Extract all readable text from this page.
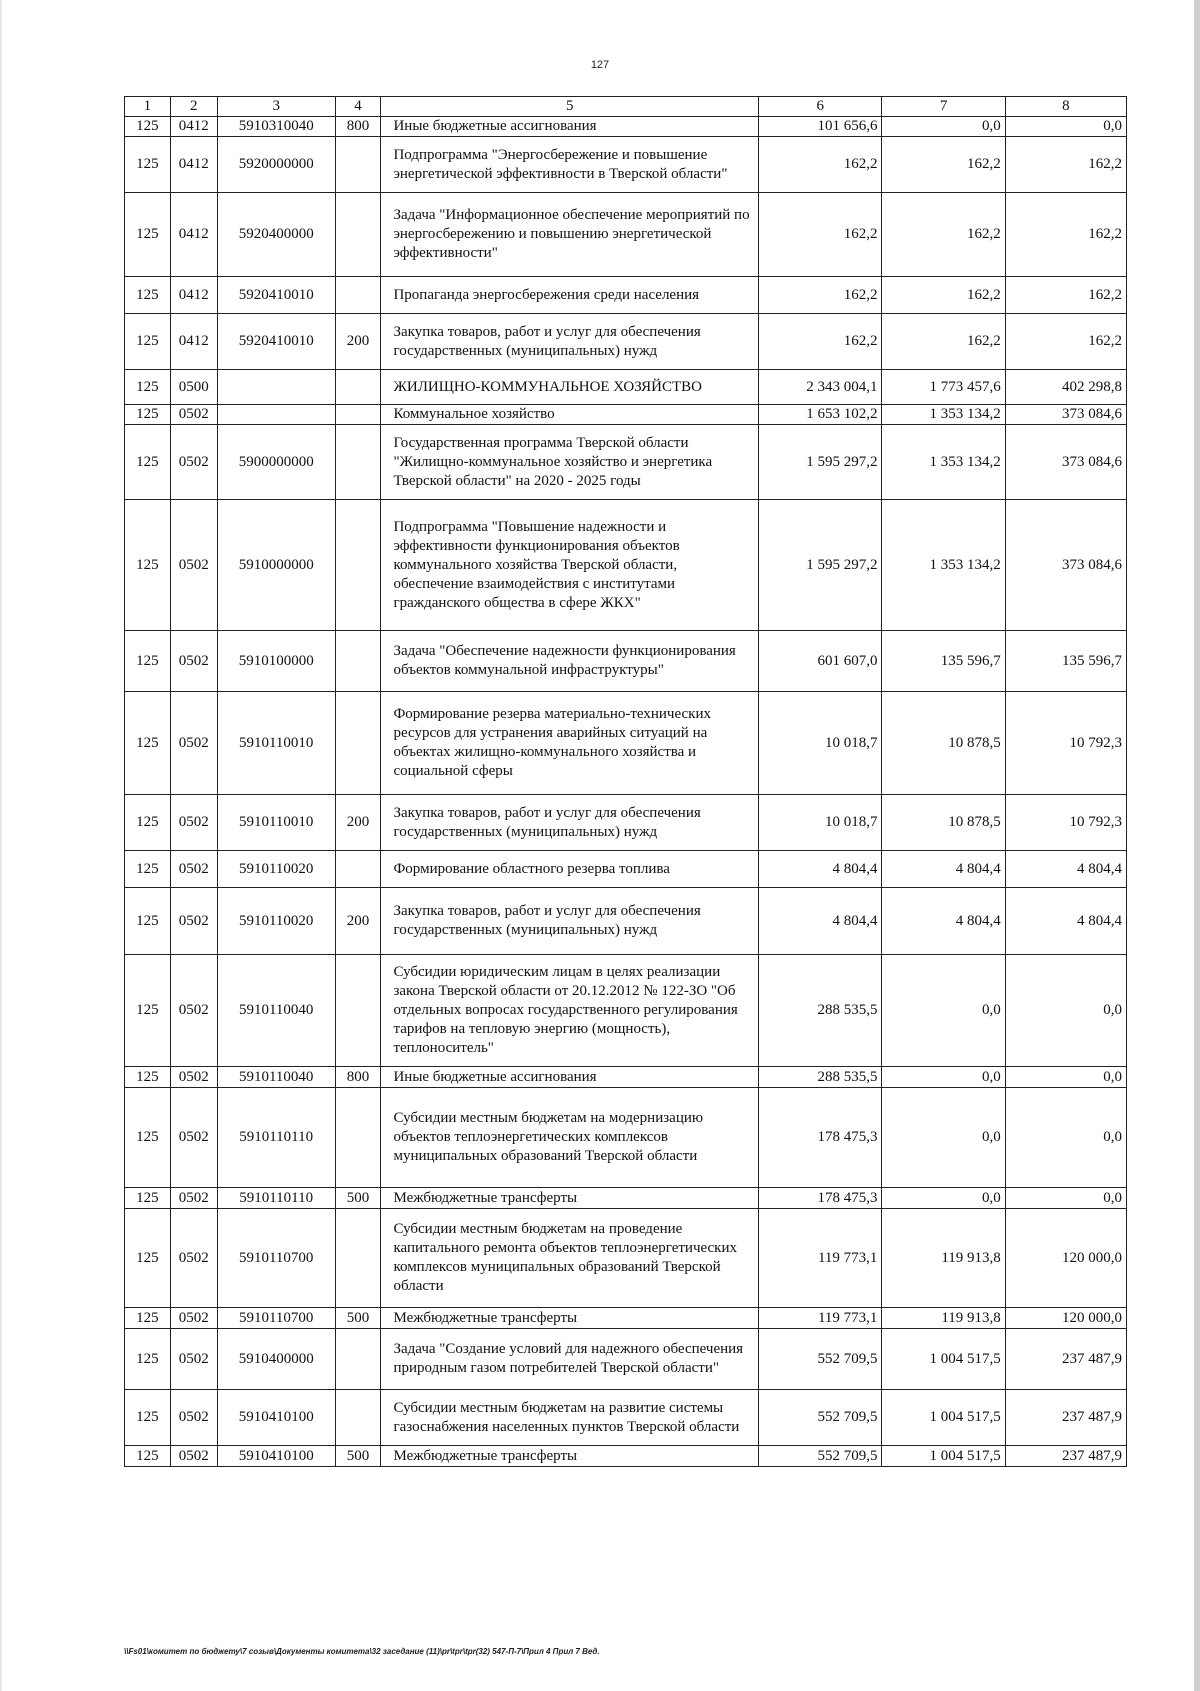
127
1	2	3	4	5	6	7	8
125	0412	5910310040	800	Иные бюджетные ассигнования	101 656,6	0,0	0,0
125	0412	5920000000		Подпрограмма "Энергосбережение и повышение энергетической эффективности в Тверской области"	162,2	162,2	162,2
125	0412	5920400000		Задача "Информационное обеспечение мероприятий по энергосбережению и повышению энергетической эффективности"	162,2	162,2	162,2
125	0412	5920410010		Пропаганда энергосбережения среди населения	162,2	162,2	162,2
125	0412	5920410010	200	Закупка товаров, работ и услуг для обеспечения государственных (муниципальных) нужд	162,2	162,2	162,2
125	0500			ЖИЛИЩНО-КОММУНАЛЬНОЕ ХОЗЯЙСТВО	2 343 004,1	1 773 457,6	402 298,8
125	0502			Коммунальное хозяйство	1 653 102,2	1 353 134,2	373 084,6
125	0502	5900000000		Государственная программа Тверской области "Жилищно-коммунальное хозяйство и энергетика Тверской области" на 2020 - 2025 годы	1 595 297,2	1 353 134,2	373 084,6
125	0502	5910000000		Подпрограмма "Повышение надежности и эффективности функционирования объектов коммунального хозяйства Тверской области, обеспечение взаимодействия с институтами гражданского общества в сфере ЖКХ"	1 595 297,2	1 353 134,2	373 084,6
125	0502	5910100000		Задача "Обеспечение надежности функционирования объектов коммунальной инфраструктуры"	601 607,0	135 596,7	135 596,7
125	0502	5910110010		Формирование резерва материально-технических ресурсов для устранения аварийных ситуаций на объектах жилищно-коммунального хозяйства и социальной сферы	10 018,7	10 878,5	10 792,3
125	0502	5910110010	200	Закупка товаров, работ и услуг для обеспечения государственных (муниципальных) нужд	10 018,7	10 878,5	10 792,3
125	0502	5910110020		Формирование областного резерва топлива	4 804,4	4 804,4	4 804,4
125	0502	5910110020	200	Закупка товаров, работ и услуг для обеспечения государственных (муниципальных) нужд	4 804,4	4 804,4	4 804,4
125	0502	5910110040		Субсидии юридическим лицам в целях реализации закона Тверской области от 20.12.2012 № 122-ЗО "Об отдельных вопросах государственного регулирования тарифов на тепловую энергию (мощность), теплоноситель"	288 535,5	0,0	0,0
125	0502	5910110040	800	Иные бюджетные ассигнования	288 535,5	0,0	0,0
125	0502	5910110110		Субсидии местным бюджетам на модернизацию объектов теплоэнергетических комплексов муниципальных образований Тверской области	178 475,3	0,0	0,0
125	0502	5910110110	500	Межбюджетные трансферты	178 475,3	0,0	0,0
125	0502	5910110700		Субсидии местным бюджетам на проведение капитального ремонта объектов теплоэнергетических комплексов муниципальных образований Тверской области	119 773,1	119 913,8	120 000,0
125	0502	5910110700	500	Межбюджетные трансферты	119 773,1	119 913,8	120 000,0
125	0502	5910400000		Задача "Создание условий для надежного обеспечения природным газом потребителей Тверской области"	552 709,5	1 004 517,5	237 487,9
125	0502	5910410100		Субсидии местным бюджетам на развитие системы газоснабжения населенных пунктов Тверской области	552 709,5	1 004 517,5	237 487,9
125	0502	5910410100	500	Межбюджетные трансферты	552 709,5	1 004 517,5	237 487,9
\\Fs01\комитет по бюджету\7 созыв\Документы комитета\32 заседание (11)\pr\tpr\tpr(32) 547-П-7\Прил 4 Прил 7 Вед.
